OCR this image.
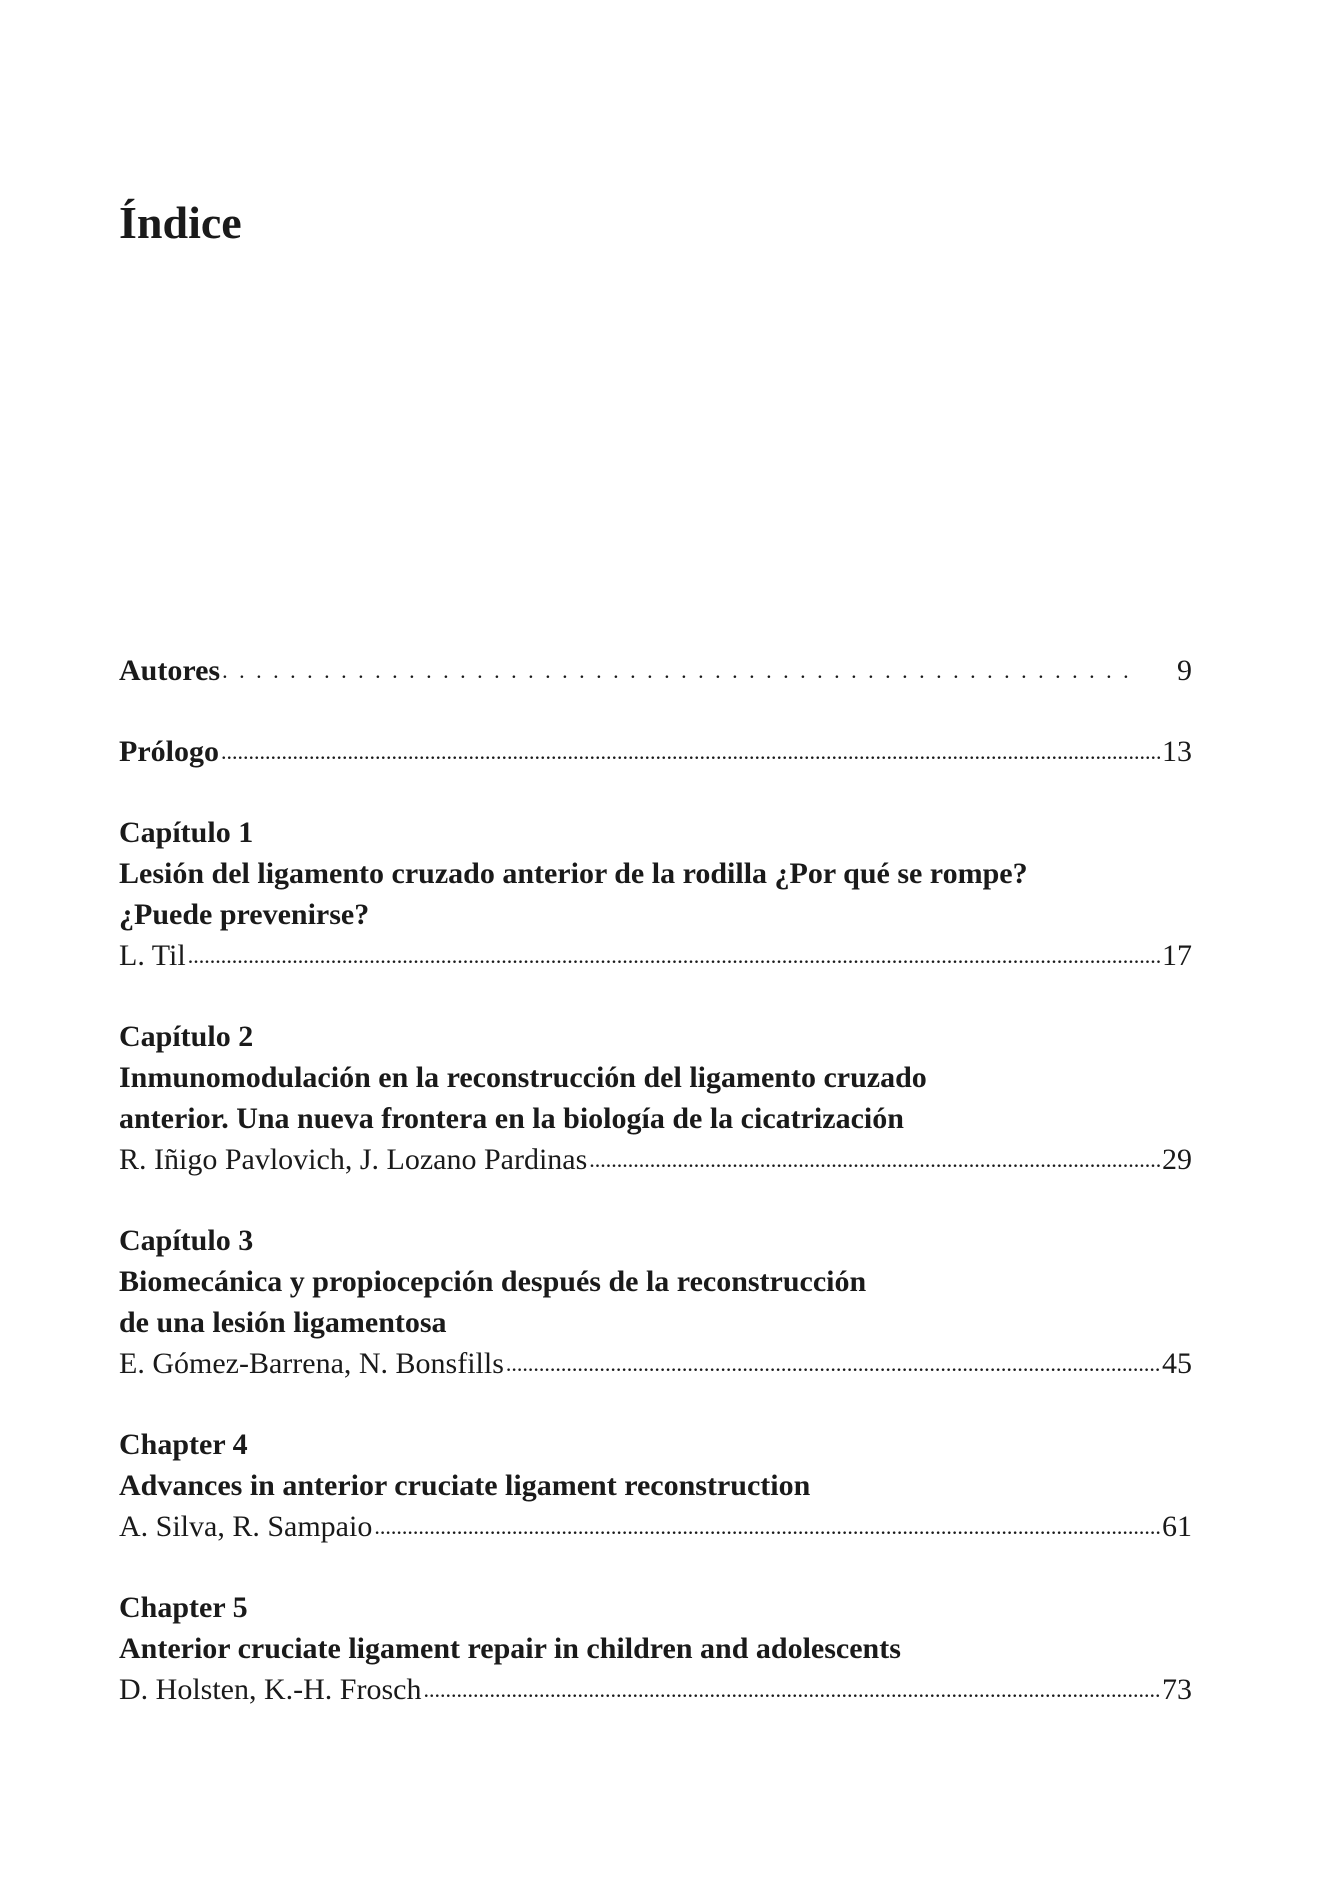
Índice
Autores . . .	9
Prólogo .....	13
Capítulo 1
Lesión del ligamento cruzado anterior de la rodilla ¿Por qué se rompe?
¿Puede prevenirse?
L. Til .....	17
Capítulo 2
Inmunomodulación en la reconstrucción del ligamento cruzado
anterior. Una nueva frontera en la biología de la cicatrización
R. Iñigo Pavlovich, J. Lozano Pardinas .....	29
Capítulo 3
Biomecánica y propiocepción después de la reconstrucción
de una lesión ligamentosa
E. Gómez-Barrena, N. Bonsfills .....	45
Chapter 4
Advances in anterior cruciate ligament reconstruction
A. Silva, R. Sampaio .....	61
Chapter 5
Anterior cruciate ligament repair in children and adolescents
D. Holsten, K.-H. Frosch .....	73
